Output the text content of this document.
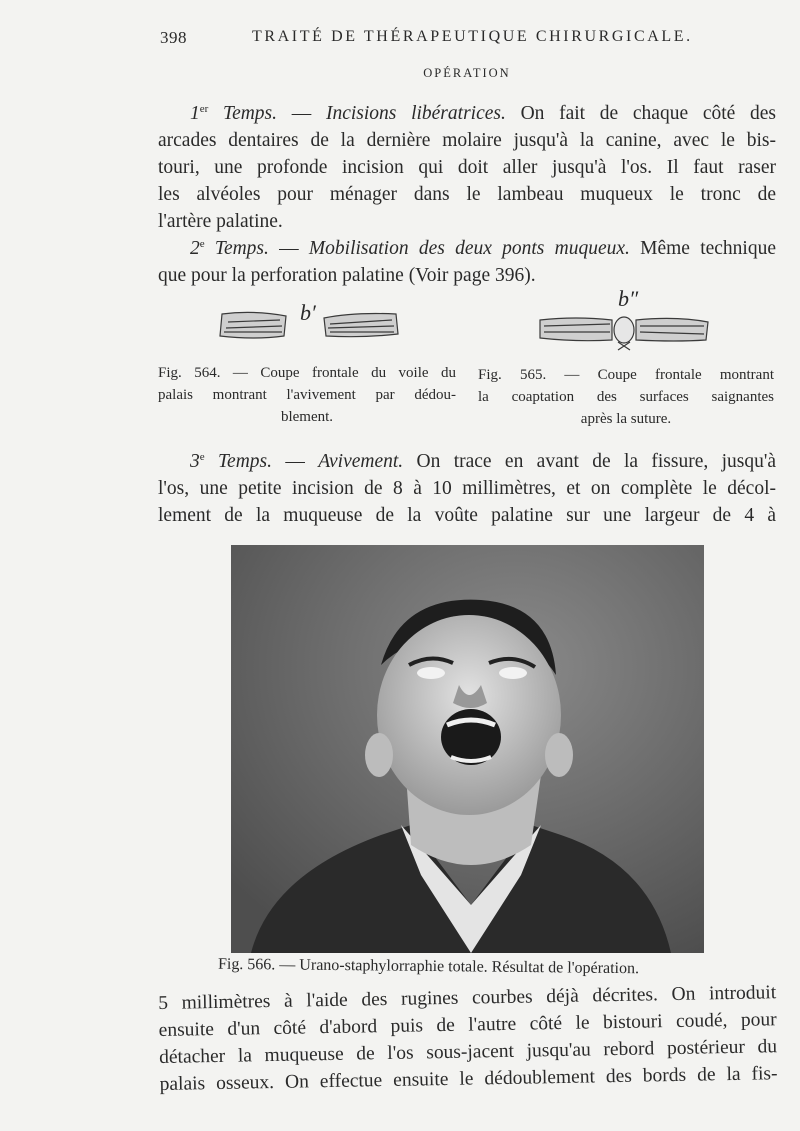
398	TRAITÉ DE THÉRAPEUTIQUE CHIRURGICALE.
OPÉRATION
1er Temps. — Incisions libératrices. On fait de chaque côté des
arcades dentaires de la dernière molaire jusqu'à la canine, avec le bis-
touri, une profonde incision qui doit aller jusqu'à l'os. Il faut raser
les alvéoles pour ménager dans le lambeau muqueux le tronc de
l'artère palatine.
2e Temps. — Mobilisation des deux ponts muqueux. Même technique
que pour la perforation palatine (Voir page 396).
b′
b″
Fig. 564. — Coupe frontale du voile du
palais montrant l'avivement par dédou-
blement.
Fig. 565. — Coupe frontale montrant
la coaptation des surfaces saignantes
après la suture.
3e Temps. — Avivement. On trace en avant de la fissure, jusqu'à
l'os, une petite incision de 8 à 10 millimètres, et on complète le décol-
lement de la muqueuse de la voûte palatine sur une largeur de 4 à
Fig. 566. — Urano-staphylorraphie totale. Résultat de l'opération.
5 millimètres à l'aide des rugines courbes déjà décrites. On introduit
ensuite d'un côté d'abord puis de l'autre côté le bistouri coudé, pour
détacher la muqueuse de l'os sous-jacent jusqu'au rebord postérieur du
palais osseux. On effectue ensuite le dédoublement des bords de la fis-
